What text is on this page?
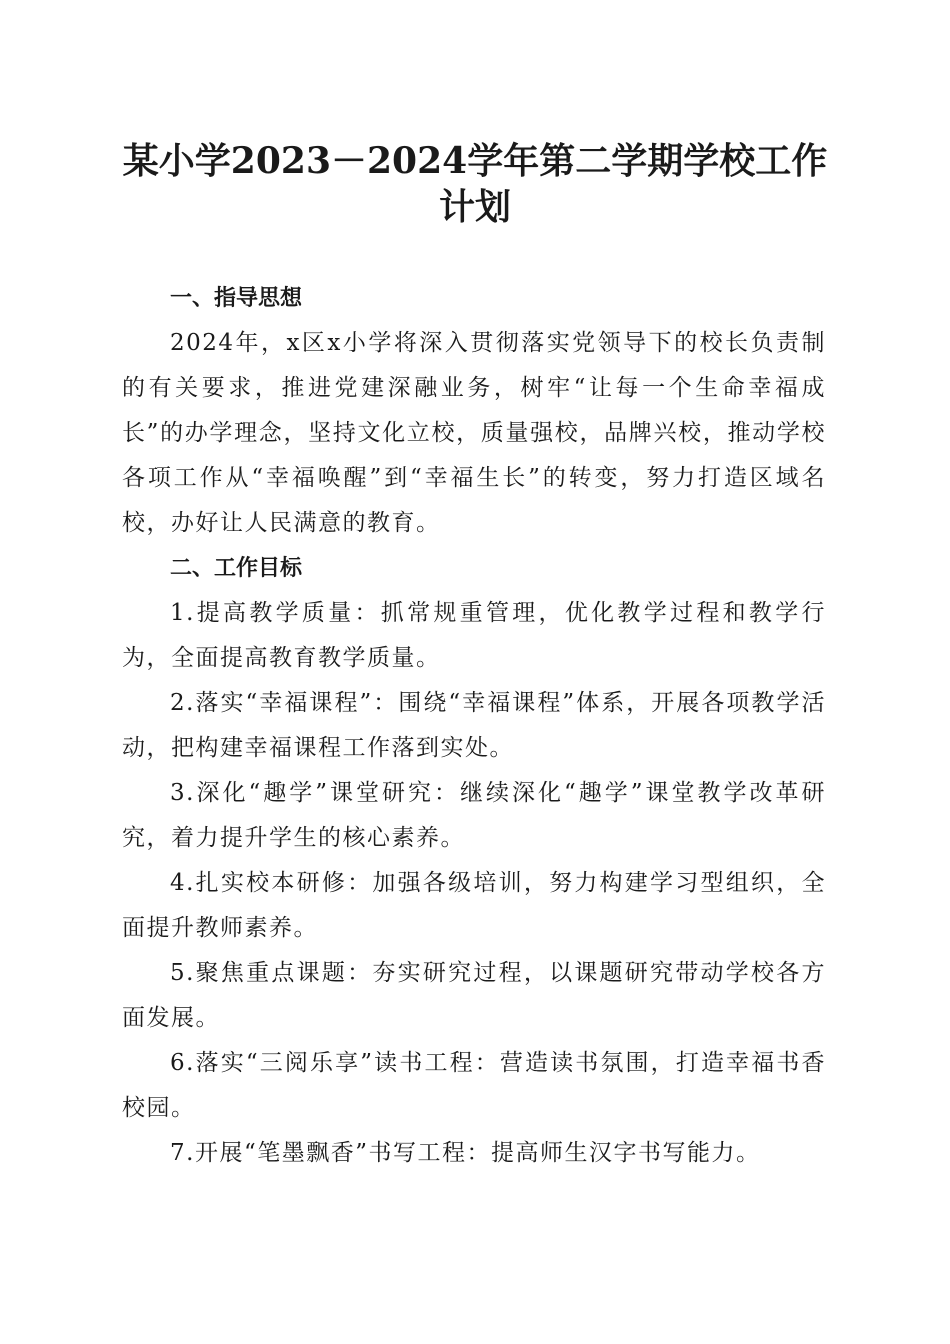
某小学2023－2024学年第二学期学校工作计划
一、指导思想

2024年，x区x小学将深入贯彻落实党领导下的校长负责制的有关要求，推进党建深融业务，树牢“让每一个生命幸福成长”的办学理念，坚持文化立校，质量强校，品牌兴校，推动学校各项工作从“幸福唤醒”到“幸福生长”的转变，努力打造区域名校，办好让人民满意的教育。

二、工作目标

1.提高教学质量：抓常规重管理，优化教学过程和教学行为，全面提高教育教学质量。

2.落实“幸福课程”：围绕“幸福课程”体系，开展各项教学活动，把构建幸福课程工作落到实处。

3.深化“趣学”课堂研究：继续深化“趣学”课堂教学改革研究，着力提升学生的核心素养。

4.扎实校本研修：加强各级培训，努力构建学习型组织，全面提升教师素养。

5.聚焦重点课题：夯实研究过程，以课题研究带动学校各方面发展。

6.落实“三阅乐享”读书工程：营造读书氛围，打造幸福书香校园。

7.开展“笔墨飘香”书写工程：提高师生汉字书写能力。
